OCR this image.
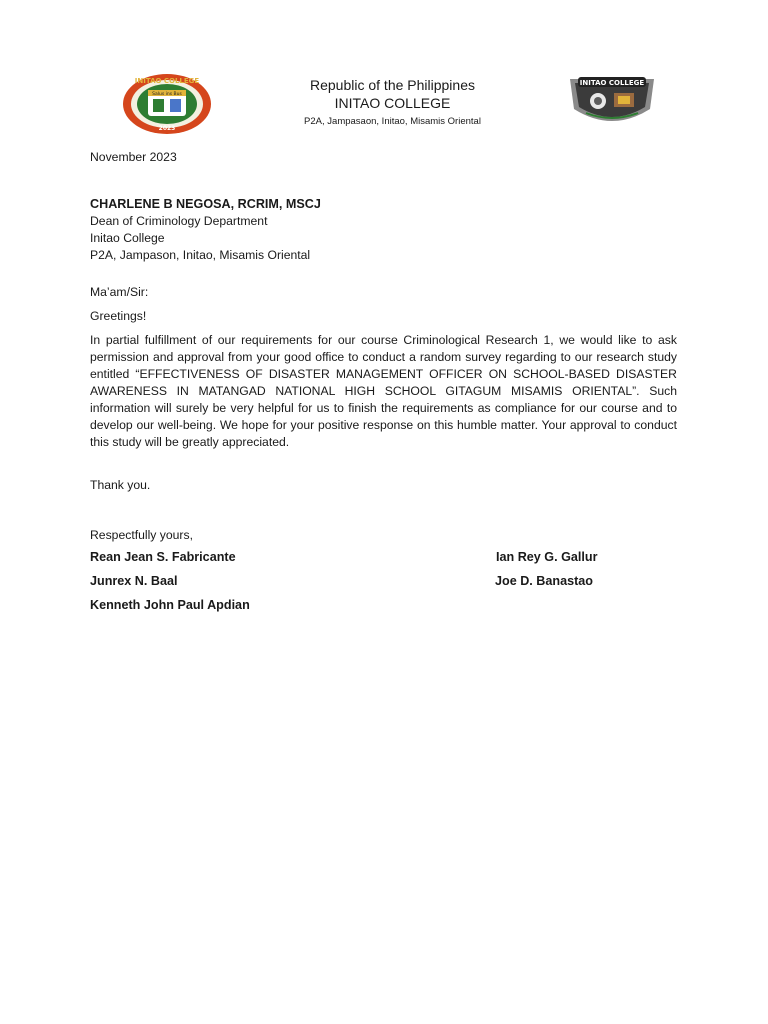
Salus ins Bus
INITAO COLLEGE
2023
Republic of the Philippines
INITAO COLLEGE
P2A, Jampasaon, Initao, Misamis Oriental
INITAO COLLEGE
November 2023
CHARLENE B NEGOSA, RCRIM, MSCJ
Dean of Criminology Department
Initao College
P2A, Jampason, Initao, Misamis Oriental
Ma’am/Sir:
Greetings!
In partial fulfillment of our requirements for our course Criminological Research 1, we would like to ask permission and approval from your good office to conduct a random survey regarding to our research study entitled “EFFECTIVENESS OF DISASTER MANAGEMENT OFFICER ON SCHOOL-BASED DISASTER AWARENESS IN MATANGAD NATIONAL HIGH SCHOOL GITAGUM MISAMIS ORIENTAL”. Such information will surely be very helpful for us to finish the requirements as compliance for our course and to develop our well-being. We hope for your positive response on this humble matter. Your approval to conduct this study will be greatly appreciated.
Thank you.
Respectfully yours,
Rean Jean S. Fabricante	Ian Rey G. Gallur
Junrex N. Baal	Joe D. Banastao
Kenneth John Paul Apdian
